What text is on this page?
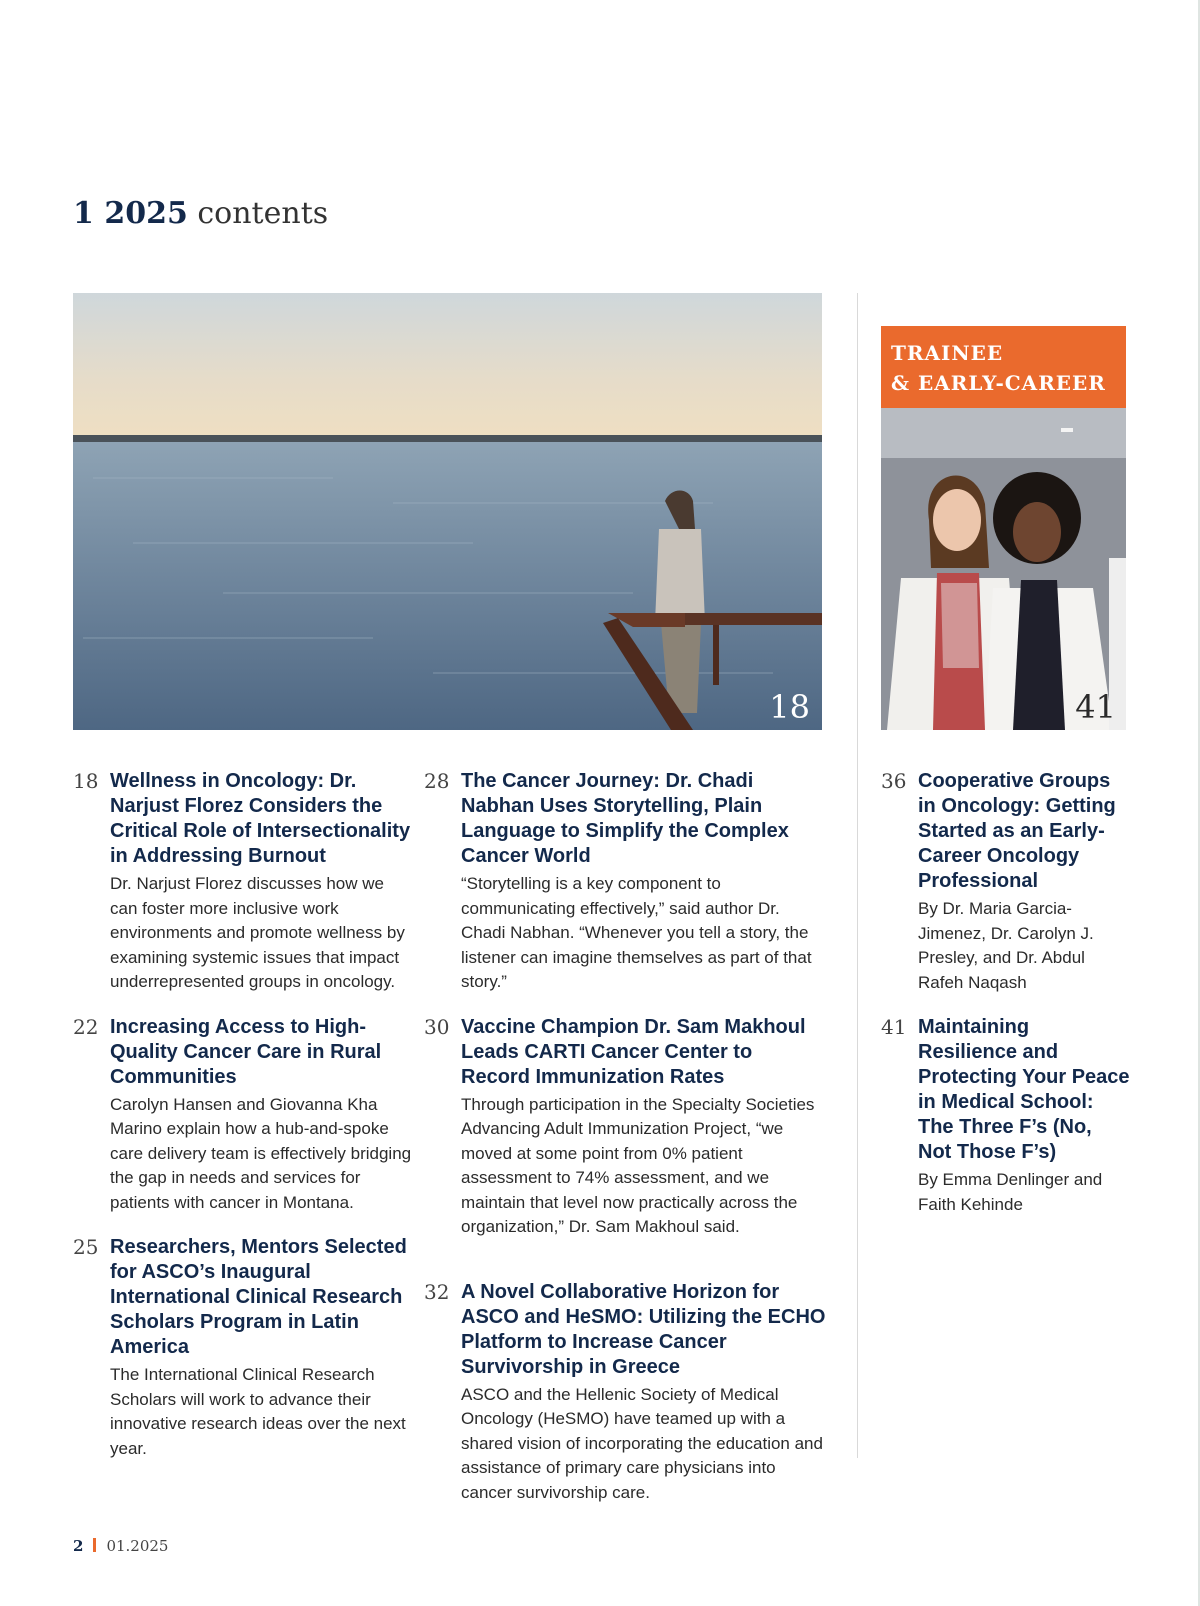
1 2025 contents
18
TRAINEE
& EARLY-CAREER
41
18 Wellness in Oncology: Dr. Narjust Florez Considers the Critical Role of Intersectionality in Addressing Burnout

Dr. Narjust Florez discusses how we can foster more inclusive work environments and promote wellness by examining systemic issues that impact underrepresented groups in oncology.

22 Increasing Access to High-Quality Cancer Care in Rural Communities

Carolyn Hansen and Giovanna Kha Marino explain how a hub-and-spoke care delivery team is effectively bridging the gap in needs and services for patients with cancer in Montana.

25 Researchers, Mentors Selected for ASCO’s Inaugural International Clinical Research Scholars Program in Latin America

The International Clinical Research Scholars will work to advance their innovative research ideas over the next year.

28 The Cancer Journey: Dr. Chadi Nabhan Uses Storytelling, Plain Language to Simplify the Complex Cancer World

“Storytelling is a key component to communicating effectively,” said author Dr. Chadi Nabhan. “Whenever you tell a story, the listener can imagine themselves as part of that story.”

30 Vaccine Champion Dr. Sam Makhoul Leads CARTI Cancer Center to Record Immunization Rates

Through participation in the Specialty Societies Advancing Adult Immunization Project, “we moved at some point from 0% patient assessment to 74% assessment, and we maintain that level now practically across the organization,” Dr. Sam Makhoul said.

32 A Novel Collaborative Horizon for ASCO and HeSMO: Utilizing the ECHO Platform to Increase Cancer Survivorship in Greece

ASCO and the Hellenic Society of Medical Oncology (HeSMO) have teamed up with a shared vision of incorporating the education and assistance of primary care physicians into cancer survivorship care.

36 Cooperative Groups in Oncology: Getting Started as an Early-Career Oncology Professional

By Dr. Maria Garcia-Jimenez, Dr. Carolyn J. Presley, and Dr. Abdul Rafeh Naqash

41 Maintaining Resilience and Protecting Your Peace in Medical School: The Three F’s (No, Not Those F’s)

By Emma Denlinger and Faith Kehinde

2 01.2025
